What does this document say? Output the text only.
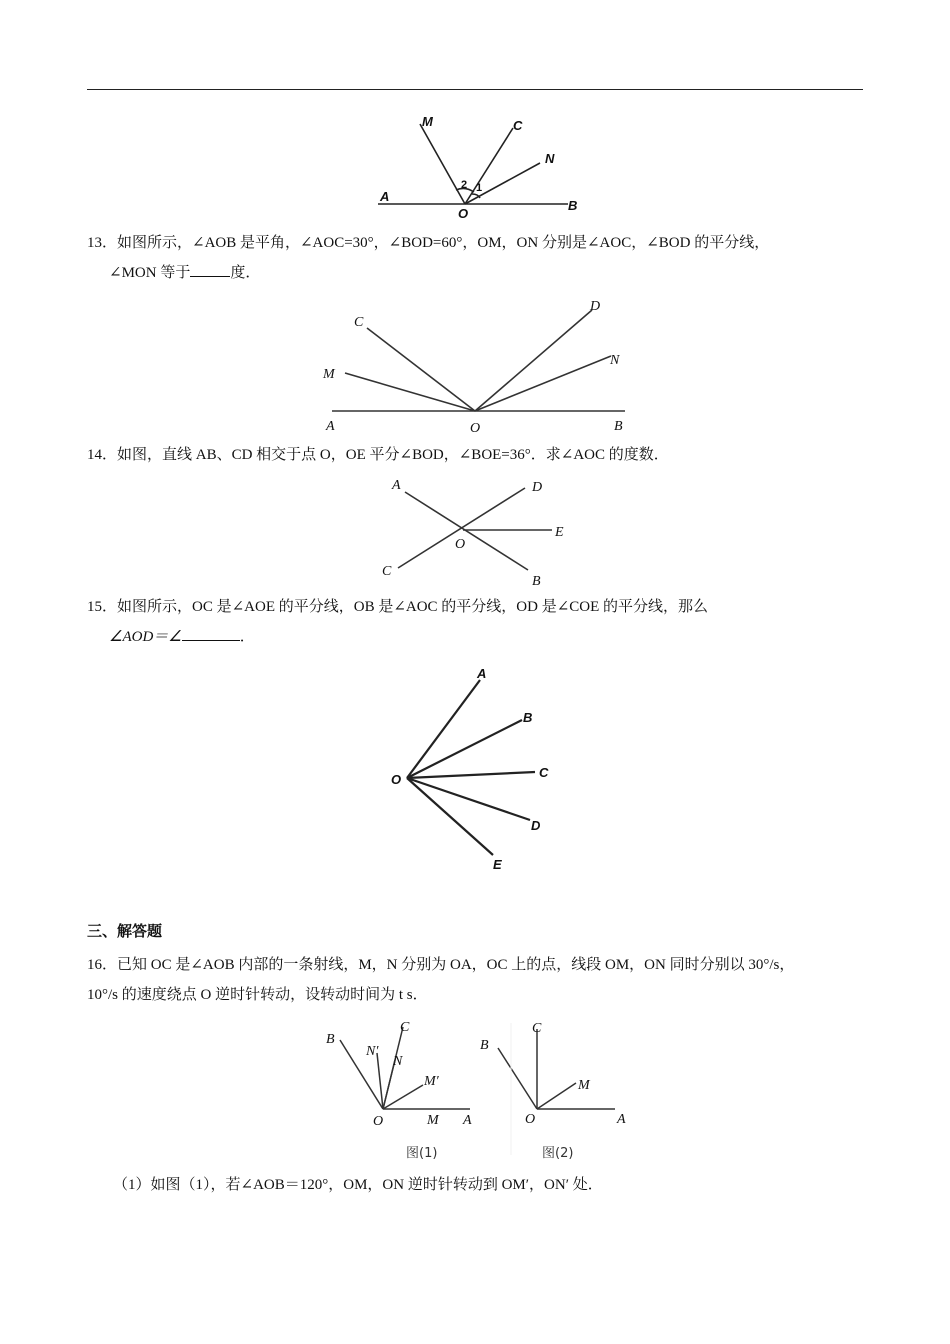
M	C
N
A
O
B
2 1
13．如图所示，∠AOB 是平角，∠AOC=30°，∠BOD=60°，OM，ON 分别是∠AOC，∠BOD 的平分线，
∠MON 等于	度．
C
D
M
N
A	O	B
14．如图，直线 AB、CD 相交于点 O，OE 平分∠BOD，∠BOE=36°．求∠AOC 的度数．
A	D
E
O
C
B
15．如图所示，OC 是∠AOE 的平分线，OB 是∠AOC 的平分线，OD 是∠COE 的平分线，那么
∠AOD＝∠	．
A
B
C
O
D
E
三、解答题
16．已知 OC 是∠AOB 内部的一条射线，M，N 分别为 OA，OC 上的点，线段 OM，ON 同时分别以 30°/s，
10°/s 的速度绕点 O 逆时针转动，设转动时间为 t s．
B
C
N′
N
M′
O	M A
图(1)
C
B
M
O	A
图(2)
（1）如图（1），若∠AOB＝120°，OM，ON 逆时针转动到 OM′，ON′ 处．
